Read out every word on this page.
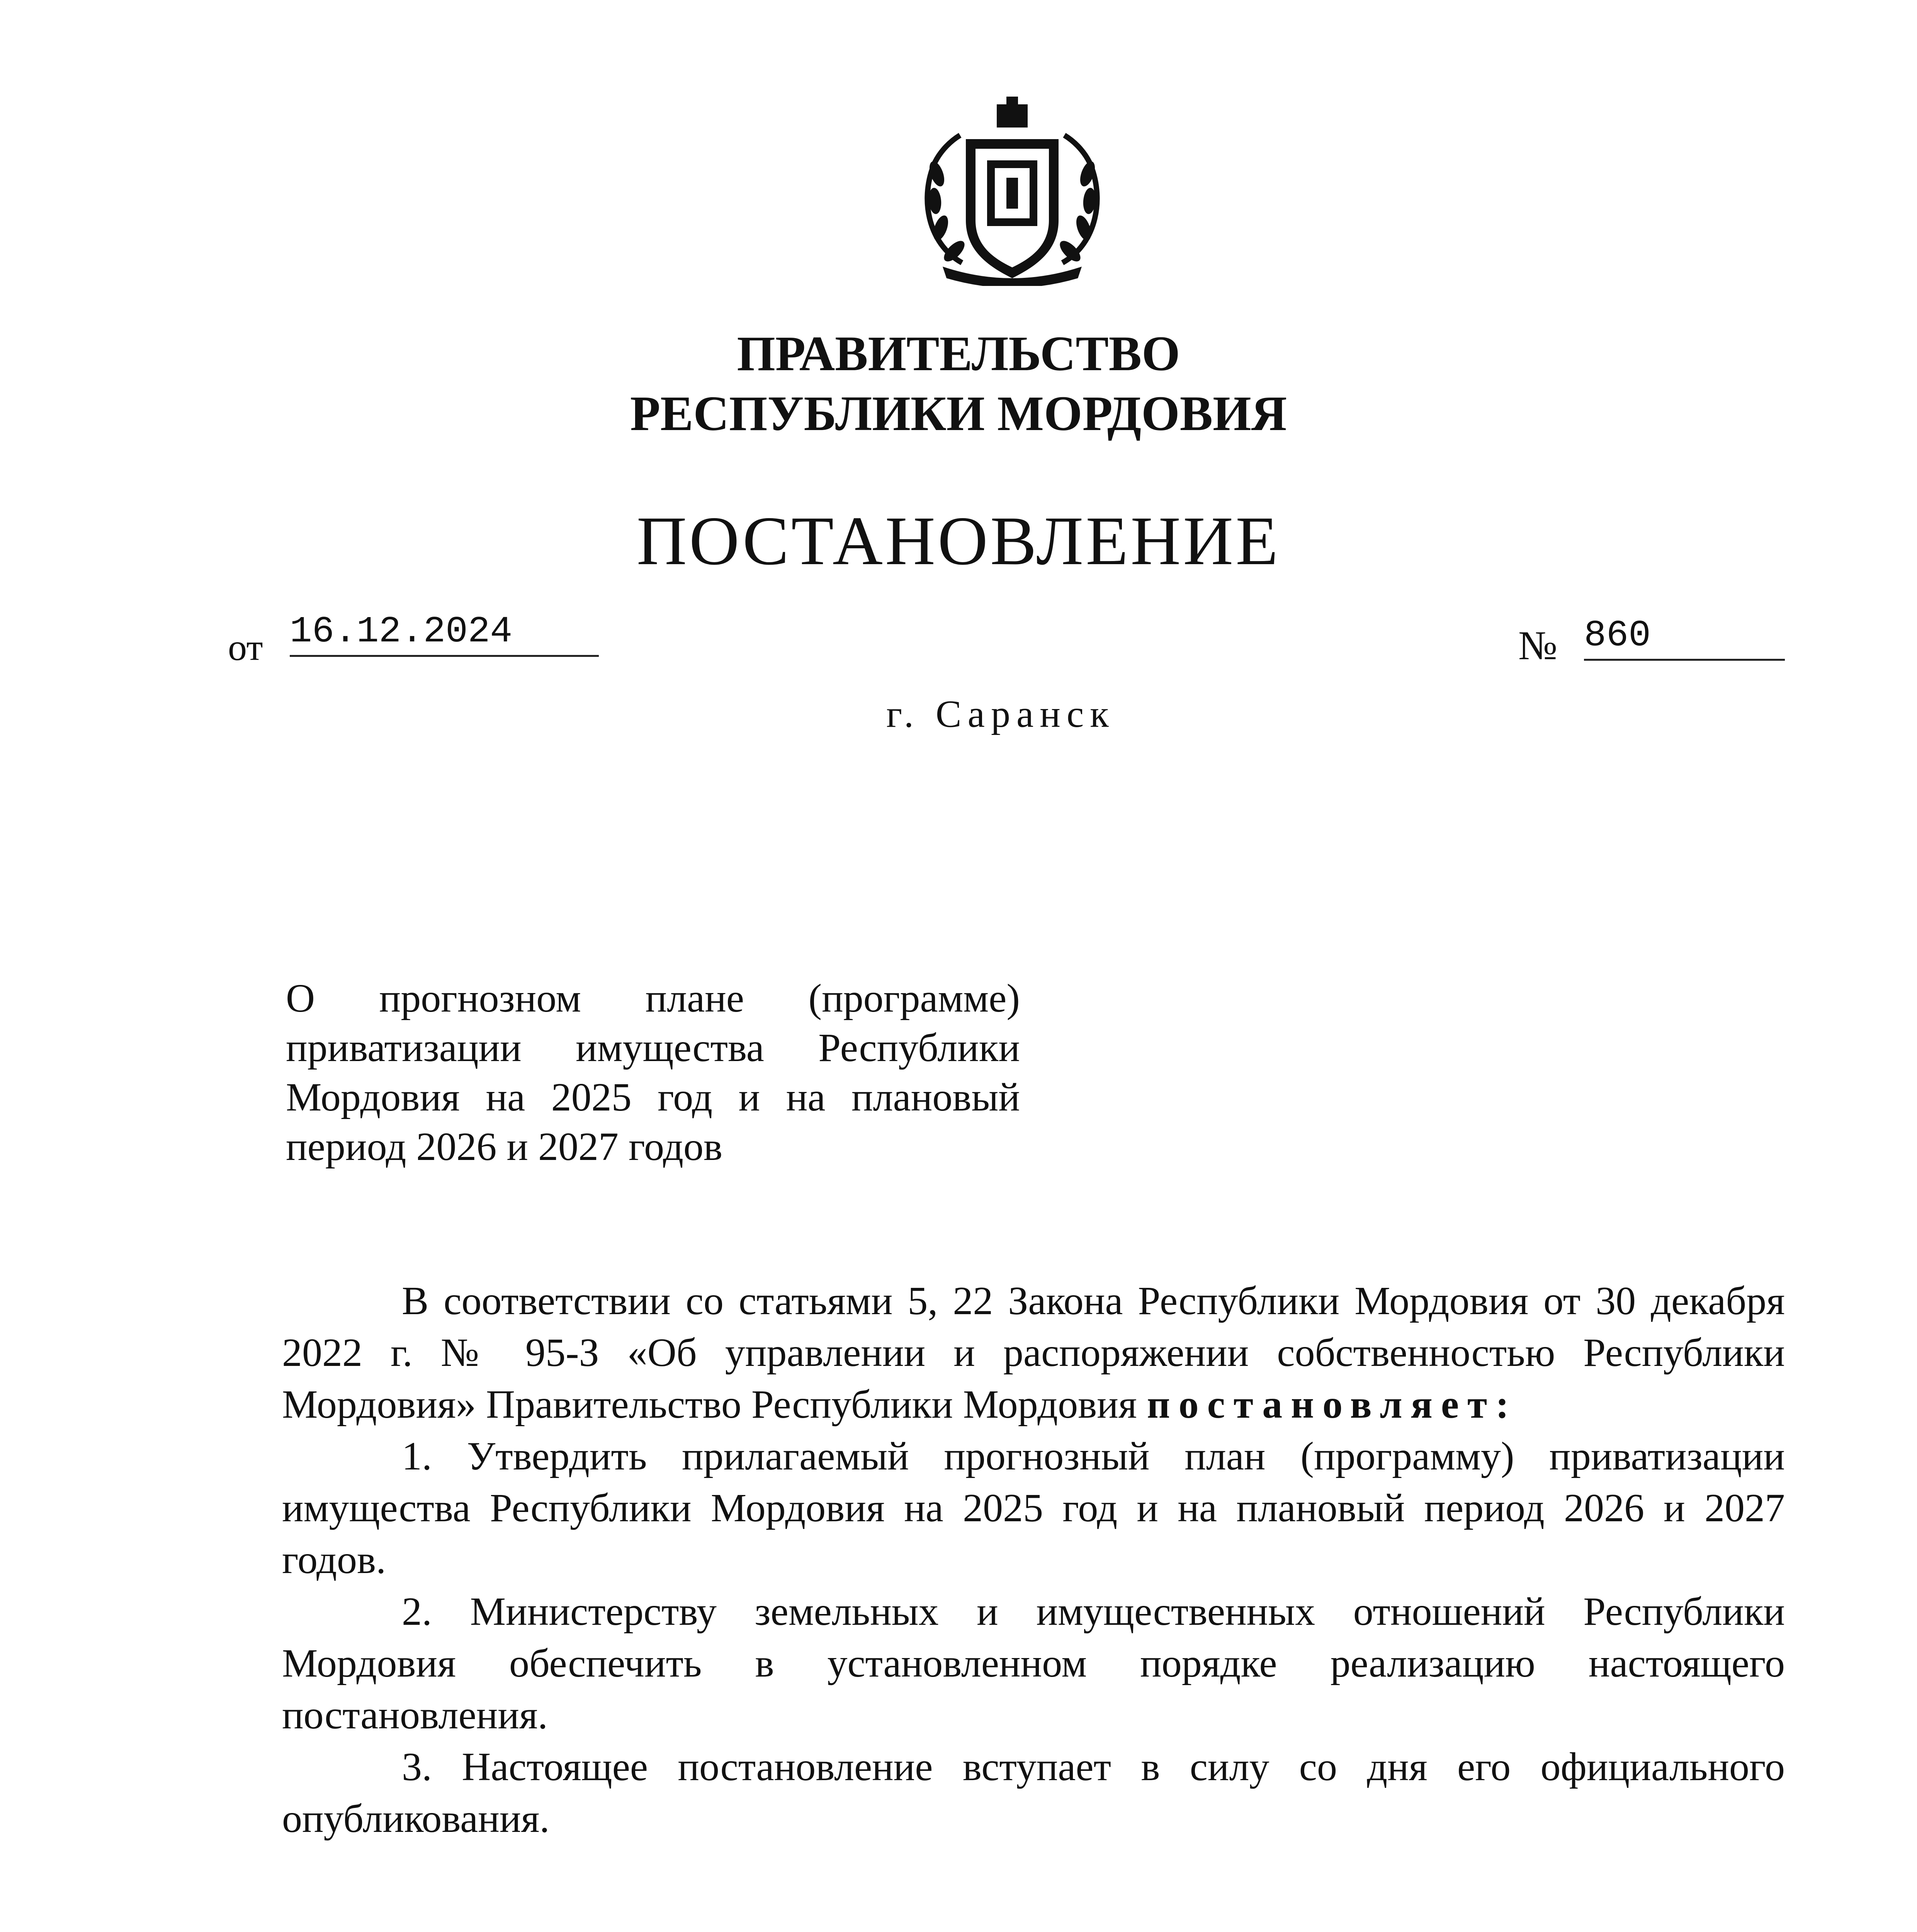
ПРАВИТЕЛЬСТВО
РЕСПУБЛИКИ МОРДОВИЯ
ПОСТАНОВЛЕНИЕ
от 16.12.2024	№ 860
г. Саранск
О прогнозном плане (программе)
приватизации имущества Республики
Мордовия на 2025 год и на плановый
период 2026 и 2027 годов

В соответствии со статьями 5, 22 Закона Республики Мордовия от 30 декабря 2022 г. № 95-З «Об управлении и распоряжении собственностью Республики Мордовия» Правительство Республики Мордовия постановляет:

1. Утвердить прилагаемый прогнозный план (программу) приватизации имущества Республики Мордовия на 2025 год и на плановый период 2026 и 2027 годов.

2. Министерству земельных и имущественных отношений Республики Мордовия обеспечить в установленном порядке реализацию настоящего постановления.

3. Настоящее постановление вступает в силу со дня его официального опубликования.
